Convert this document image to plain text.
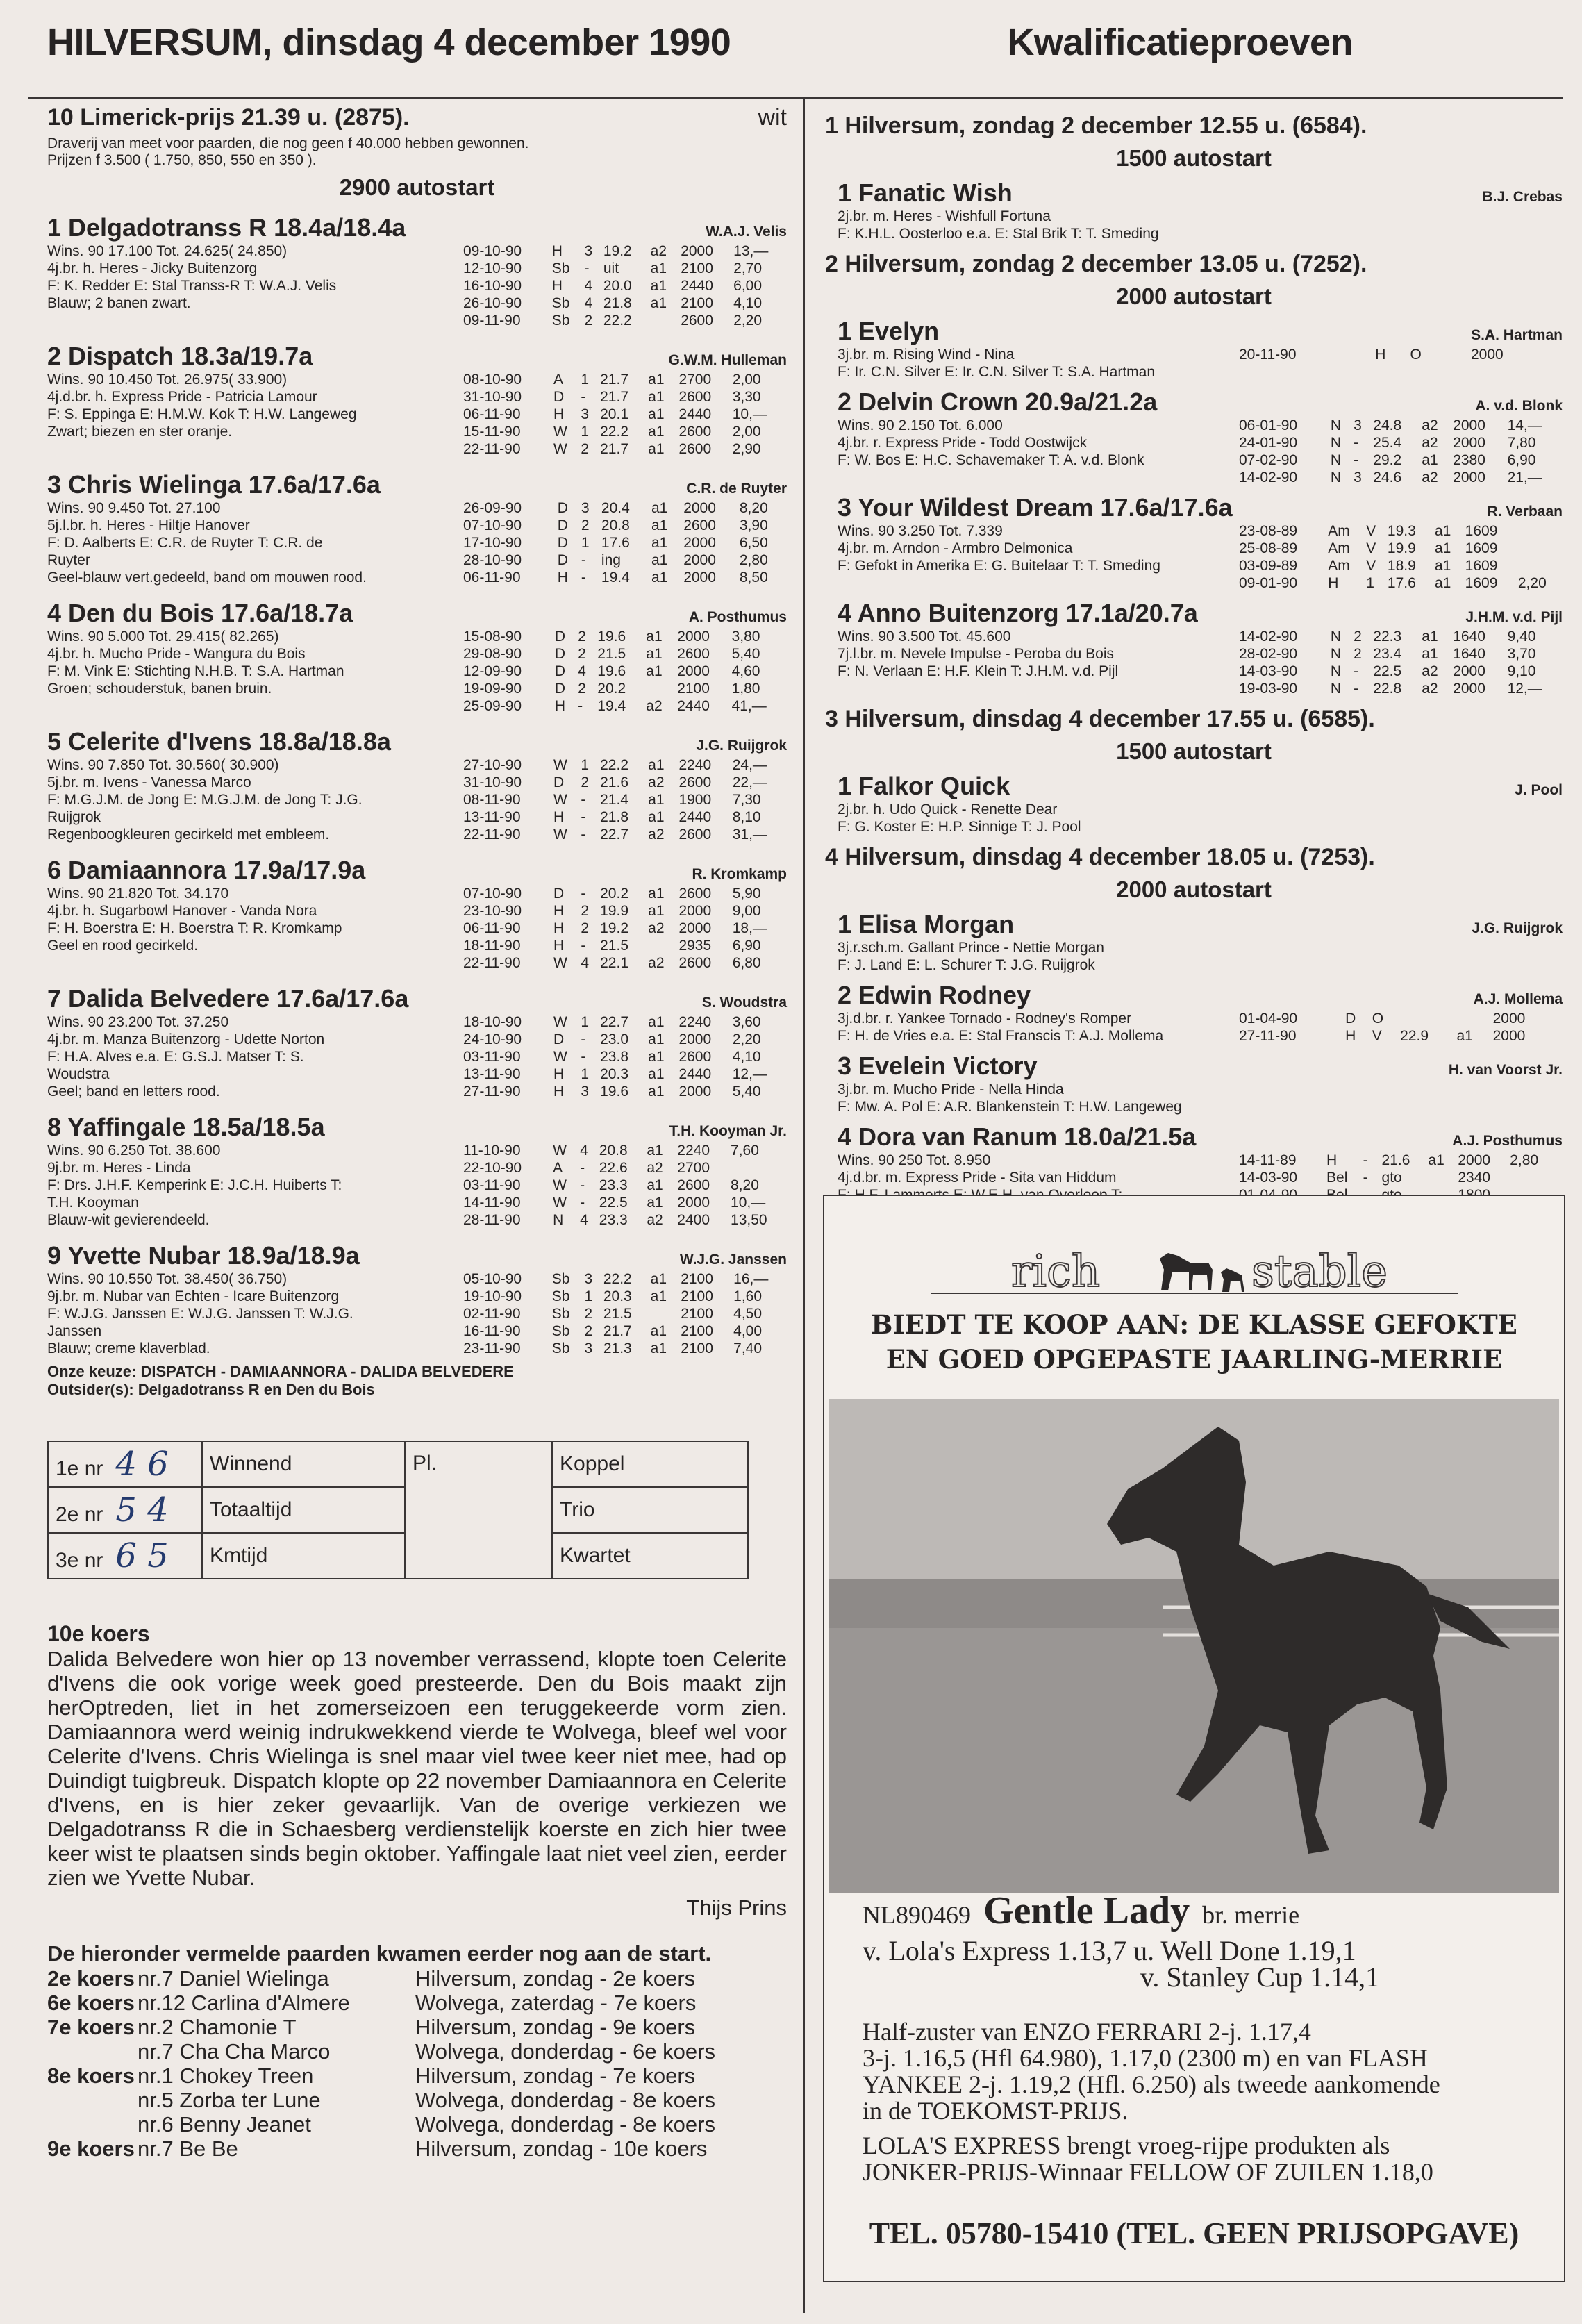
HILVERSUM, dinsdag 4 december 1990	Kwalificatieproeven
10 Limerick-prijs 21.39 u. (2875).	wit
Draverij van meet voor paarden, die nog geen f 40.000 hebben gewonnen.
Prijzen f 3.500 ( 1.750, 850, 550 en 350 ).
2900 autostart
1 Delgadotranss R 18.4a/18.4a	W.A.J. Velis
Wins. 90 17.100 Tot. 24.625( 24.850)
4j.br. h. Heres - Jicky Buitenzorg
F: K. Redder E: Stal Transs-R T: W.A.J. Velis
Blauw; 2 banen zwart.
09-10-90	H	3	19.2	a2	2000	13,—
12-10-90	Sb	-	uit	a1	2100	2,70
16-10-90	H	4	20.0	a1	2440	6,00
26-10-90	Sb	4	21.8	a1	2100	4,10
09-11-90	Sb	2	22.2		2600	2,20
2 Dispatch 18.3a/19.7a	G.W.M. Hulleman
Wins. 90 10.450 Tot. 26.975( 33.900)
4j.d.br. h. Express Pride - Patricia Lamour
F: S. Eppinga E: H.M.W. Kok T: H.W. Langeweg
Zwart; biezen en ster oranje.
08-10-90	A	1	21.7	a1	2700	2,00
31-10-90	D	-	21.7	a1	2600	3,30
06-11-90	H	3	20.1	a1	2440	10,—
15-11-90	W	1	22.2	a1	2600	2,00
22-11-90	W	2	21.7	a1	2600	2,90
3 Chris Wielinga 17.6a/17.6a	C.R. de Ruyter
Wins. 90 9.450 Tot. 27.100
5j.l.br. h. Heres - Hiltje Hanover
F: D. Aalberts E: C.R. de Ruyter T: C.R. de
Ruyter
Geel-blauw vert.gedeeld, band om mouwen rood.
26-09-90	D	3	20.4	a1	2000	8,20
07-10-90	D	2	20.8	a1	2600	3,90
17-10-90	D	1	17.6	a1	2000	6,50
28-10-90	D	-	ing	a1	2000	2,80
06-11-90	H	-	19.4	a1	2000	8,50
4 Den du Bois 17.6a/18.7a	A. Posthumus
Wins. 90 5.000 Tot. 29.415( 82.265)
4j.br. h. Mucho Pride - Wangura du Bois
F: M. Vink E: Stichting N.H.B. T: S.A. Hartman
Groen; schouderstuk, banen bruin.
15-08-90	D	2	19.6	a1	2000	3,80
29-08-90	D	2	21.5	a1	2600	5,40
12-09-90	D	4	19.6	a1	2000	4,60
19-09-90	D	2	20.2		2100	1,80
25-09-90	H	-	19.4	a2	2440	41,—
5 Celerite d'Ivens 18.8a/18.8a	J.G. Ruijgrok
Wins. 90 7.850 Tot. 30.560( 30.900)
5j.br. m. Ivens - Vanessa Marco
F: M.G.J.M. de Jong E: M.G.J.M. de Jong T: J.G.
Ruijgrok
Regenboogkleuren gecirkeld met embleem.
27-10-90	W	1	22.2	a1	2240	24,—
31-10-90	D	2	21.6	a2	2600	22,—
08-11-90	W	-	21.4	a1	1900	7,30
13-11-90	H	-	21.8	a1	2440	8,10
22-11-90	W	-	22.7	a2	2600	31,—
6 Damiaannora 17.9a/17.9a	R. Kromkamp
Wins. 90 21.820 Tot. 34.170
4j.br. h. Sugarbowl Hanover - Vanda Nora
F: H. Boerstra E: H. Boerstra T: R. Kromkamp
Geel en rood gecirkeld.
07-10-90	D	-	20.2	a1	2600	5,90
23-10-90	H	2	19.9	a1	2000	9,00
06-11-90	H	2	19.2	a2	2000	18,—
18-11-90	H	-	21.5		2935	6,90
22-11-90	W	4	22.1	a2	2600	6,80
7 Dalida Belvedere 17.6a/17.6a	S. Woudstra
Wins. 90 23.200 Tot. 37.250
4j.br. m. Manza Buitenzorg - Udette Norton
F: H.A. Alves e.a. E: G.S.J. Matser T: S.
Woudstra
Geel; band en letters rood.
18-10-90	W	1	22.7	a1	2240	3,60
24-10-90	D	-	23.0	a1	2000	2,20
03-11-90	W	-	23.8	a1	2600	4,10
13-11-90	H	1	20.3	a1	2440	12,—
27-11-90	H	3	19.6	a1	2000	5,40
8 Yaffingale 18.5a/18.5a	T.H. Kooyman Jr.
Wins. 90 6.250 Tot. 38.600
9j.br. m. Heres - Linda
F: Drs. J.H.F. Kemperink E: J.C.H. Huiberts T:
T.H. Kooyman
Blauw-wit gevierendeeld.
11-10-90	W	4	20.8	a1	2240	7,60
22-10-90	A	-	22.6	a2	2700	
03-11-90	W	-	23.3	a1	2600	8,20
14-11-90	W	-	22.5	a1	2000	10,—
28-11-90	N	4	23.3	a2	2400	13,50
9 Yvette Nubar 18.9a/18.9a	W.J.G. Janssen
Wins. 90 10.550 Tot. 38.450( 36.750)
9j.br. m. Nubar van Echten - Icare Buitenzorg
F: W.J.G. Janssen E: W.J.G. Janssen T: W.J.G.
Janssen
Blauw; creme klaverblad.
05-10-90	Sb	3	22.2	a1	2100	16,—
19-10-90	Sb	1	20.3	a1	2100	1,60
02-11-90	Sb	2	21.5		2100	4,50
16-11-90	Sb	2	21.7	a1	2100	4,00
23-11-90	Sb	3	21.3	a1	2100	7,40
Onze keuze: DISPATCH - DAMIAANNORA - DALIDA BELVEDERE
Outsider(s): Delgadotranss R en Den du Bois
1e nr 4 6	Winnend	Pl.	Koppel
2e nr 5 4	Totaaltijd		Trio
3e nr 6 5	Kmtijd		Kwartet
10e koers
Dalida Belvedere won hier op 13 november verrassend, klopte toen Celerite d'Ivens die ook vorige week goed presteerde. Den du Bois maakt zijn herOptreden, liet in het zomerseizoen een teruggekeerde vorm zien. Damiaannora werd weinig indrukwekkend vierde te Wolvega, bleef wel voor Celerite d'Ivens. Chris Wielinga is snel maar viel twee keer niet mee, had op Duindigt tuigbreuk. Dispatch klopte op 22 november Damiaannora en Celerite d'Ivens, en is hier zeker gevaarlijk. Van de overige verkiezen we Delgadotranss R die in Schaesberg verdienstelijk koerste en zich hier twee keer wist te plaatsen sinds begin oktober. Yaffingale laat niet veel zien, eerder zien we Yvette Nubar.
Thijs Prins
De hieronder vermelde paarden kwamen eerder nog aan de start.
2e koers nr.7 Daniel Wielinga	Hilversum, zondag - 2e koers
6e koers nr.12 Carlina d'Almere	Wolvega, zaterdag - 7e koers
7e koers nr.2 Chamonie T	Hilversum, zondag - 9e koers
nr.7 Cha Cha Marco	Wolvega, donderdag - 6e koers
8e koers nr.1 Chokey Treen	Hilversum, zondag - 7e koers
nr.5 Zorba ter Lune	Wolvega, donderdag - 8e koers
nr.6 Benny Jeanet	Wolvega, donderdag - 8e koers
9e koers nr.7 Be Be	Hilversum, zondag - 10e koers
1 Hilversum, zondag 2 december 12.55 u. (6584).
1500 autostart
1 Fanatic Wish	B.J. Crebas
2j.br. m. Heres - Wishfull Fortuna
F: K.H.L. Oosterloo e.a. E: Stal Brik T: T. Smeding
2 Hilversum, zondag 2 december 13.05 u. (7252).
2000 autostart
1 Evelyn	S.A. Hartman
3j.br. m. Rising Wind - Nina
F: Ir. C.N. Silver E: Ir. C.N. Silver T: S.A. Hartman
20-11-90	H	O			2000	
2 Delvin Crown 20.9a/21.2a	A. v.d. Blonk
Wins. 90 2.150 Tot. 6.000
4j.br. r. Express Pride - Todd Oostwijck
F: W. Bos E: H.C. Schavemaker T: A. v.d. Blonk
06-01-90	N	3	24.8	a2	2000	14,—
24-01-90	N	-	25.4	a2	2000	7,80
07-02-90	N	-	29.2	a1	2380	6,90
14-02-90	N	3	24.6	a2	2000	21,—
3 Your Wildest Dream 17.6a/17.6a	R. Verbaan
Wins. 90 3.250 Tot. 7.339
4j.br. m. Arndon - Armbro Delmonica
F: Gefokt in Amerika E: G. Buitelaar T: T. Smeding
23-08-89	Am	V	19.3	a1	1609	
25-08-89	Am	V	19.9	a1	1609	
03-09-89	Am	V	18.9	a1	1609	
09-01-90	H	1	17.6	a1	1609	2,20
4 Anno Buitenzorg 17.1a/20.7a	J.H.M. v.d. Pijl
Wins. 90 3.500 Tot. 45.600
7j.l.br. m. Nevele Impulse - Peroba du Bois
F: N. Verlaan E: H.F. Klein T: J.H.M. v.d. Pijl
14-02-90	N	2	22.3	a1	1640	9,40
28-02-90	N	2	23.4	a1	1640	3,70
14-03-90	N	-	22.5	a2	2000	9,10
19-03-90	N	-	22.8	a2	2000	12,—
3 Hilversum, dinsdag 4 december 17.55 u. (6585).
1500 autostart
1 Falkor Quick	J. Pool
2j.br. h. Udo Quick - Renette Dear
F: G. Koster E: H.P. Sinnige T: J. Pool
4 Hilversum, dinsdag 4 december 18.05 u. (7253).
2000 autostart
1 Elisa Morgan	J.G. Ruijgrok
3j.r.sch.m. Gallant Prince - Nettie Morgan
F: J. Land E: L. Schurer T: J.G. Ruijgrok
2 Edwin Rodney	A.J. Mollema
3j.d.br. r. Yankee Tornado - Rodney's Romper
F: H. de Vries e.a. E: Stal Franscis T: A.J. Mollema
01-04-90	D	O			2000	
27-11-90	H	V	22.9	a1	2000	
3 Evelein Victory	H. van Voorst Jr.
3j.br. m. Mucho Pride - Nella Hinda
F: Mw. A. Pol E: A.R. Blankenstein T: H.W. Langeweg
4 Dora van Ranum 18.0a/21.5a	A.J. Posthumus
Wins. 90 250 Tot. 8.950
4j.d.br. m. Express Pride - Sita van Hiddum

14-11-89	H	-	21.6	a1	2000	2,80
14-03-90	Bel	-	gto		2340	

rich	stable
BIEDT TE KOOP AAN: DE KLASSE GEFOKTE
EN GOED OPGEPASTE JAARLING-MERRIE
NL890469 Gentle Lady br. merrie
v. Lola's Express 1.13,7 u. Well Done 1.19,1
v. Stanley Cup 1.14,1
Half-zuster van ENZO FERRARI 2-j. 1.17,4
3-j. 1.16,5 (Hfl 64.980), 1.17,0 (2300 m) en van FLASH
YANKEE 2-j. 1.19,2 (Hfl. 6.250) als tweede aankomende
in de TOEKOMST-PRIJS.
LOLA'S EXPRESS brengt vroeg-rijpe produkten als
JONKER-PRIJS-Winnaar FELLOW OF ZUILEN 1.18,0
TEL. 05780-15410 (TEL. GEEN PRIJSOPGAVE)
